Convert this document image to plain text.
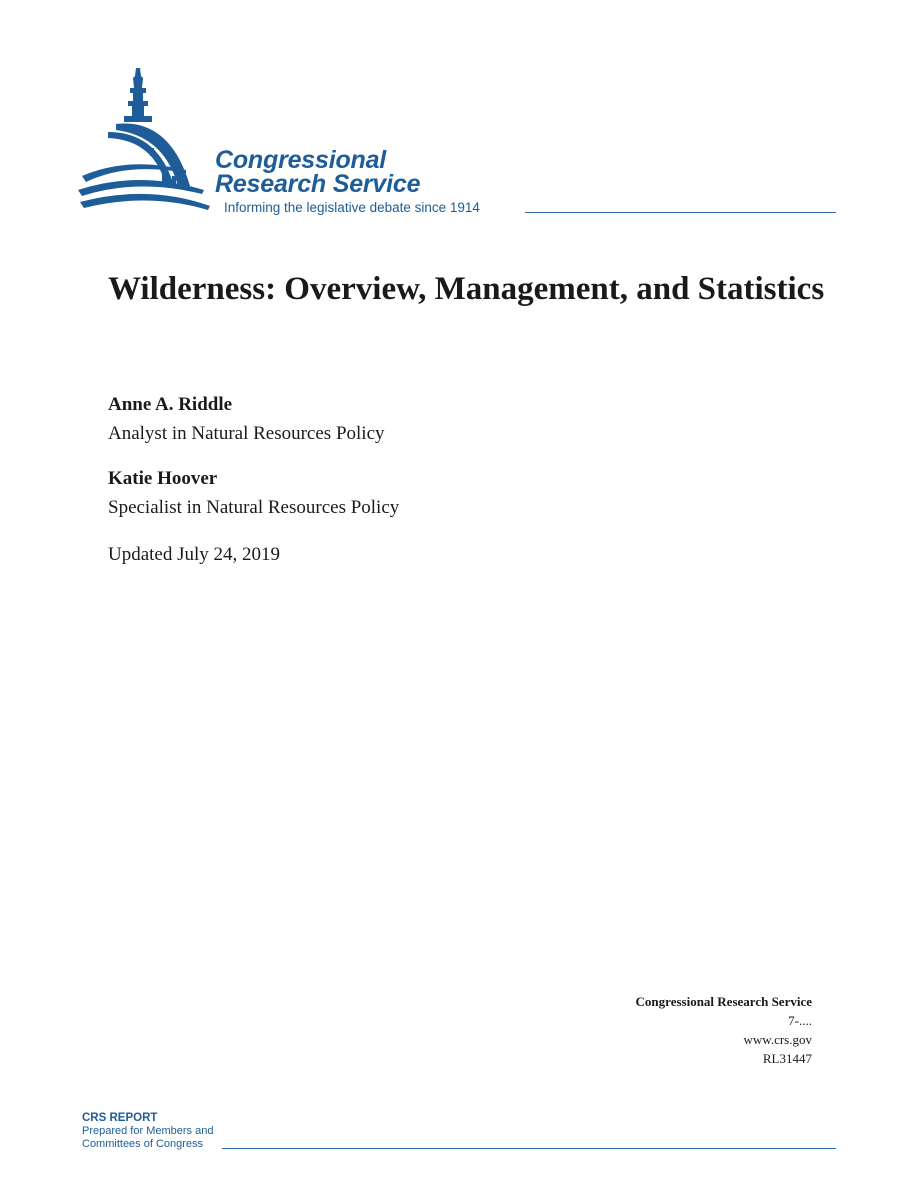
Congressional
Research Service
Informing the legislative debate since 1914
Wilderness: Overview, Management, and Statistics
Anne A. Riddle
Analyst in Natural Resources Policy
Katie Hoover
Specialist in Natural Resources Policy
Updated July 24, 2019
Congressional Research Service
7-....
www.crs.gov
RL31447
CRS REPORT
Prepared for Members and
Committees of Congress
